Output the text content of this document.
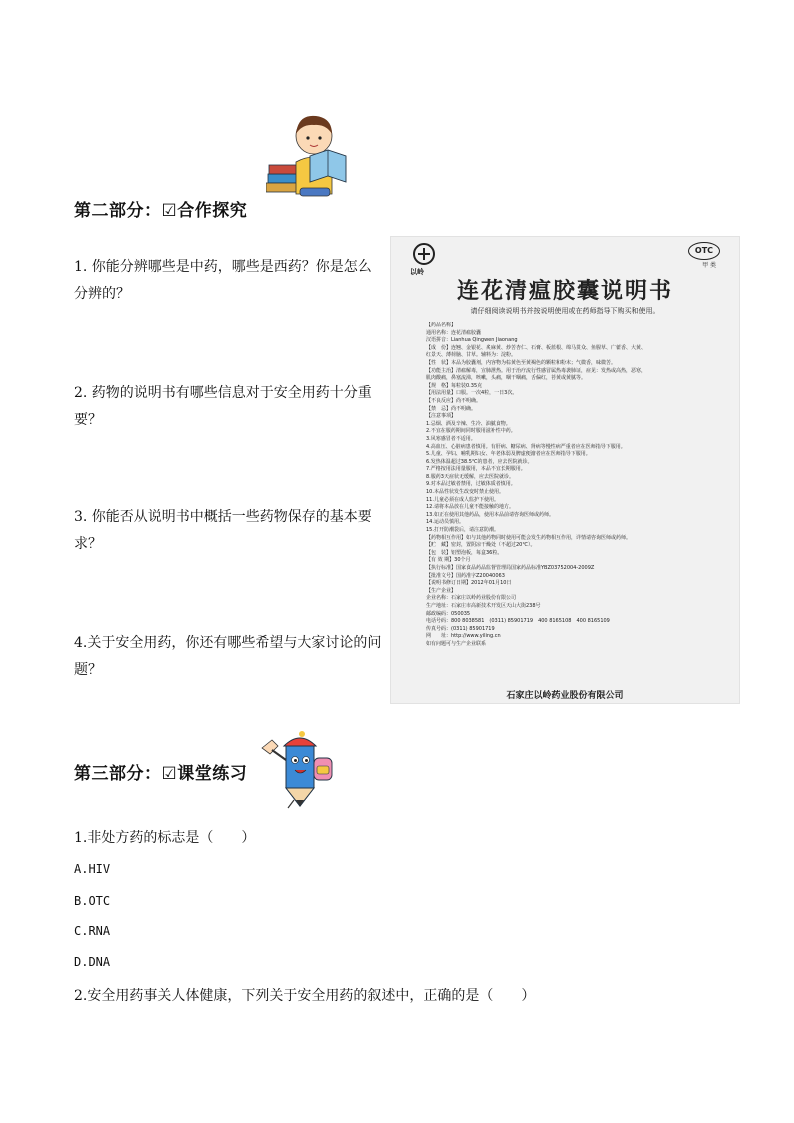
第二部分：☑合作探究
1. 你能分辨哪些是中药，哪些是西药？你是怎么分辨的？
2. 药物的说明书有哪些信息对于安全用药十分重要？
3. 你能否从说明书中概括一些药物保存的基本要求？
4.关于安全用药，你还有哪些希望与大家讨论的问题？
以岭
OTC
甲 类
连花清瘟胶囊说明书
请仔细阅读说明书并按说明使用或在药师指导下购买和使用。
【药品名称】
通用名称：连花清瘟胶囊
汉语拼音：Lianhua Qingwen Jiaonang
【成　份】连翘、金银花、炙麻黄、炒苦杏仁、石膏、板蓝根、绵马贯众、鱼腥草、广藿香、大黄、
红景天、薄荷脑、甘草。辅料为：淀粉。
【性　状】本品为胶囊剂，内容物为棕黄色至黄褐色的颗粒和粉末；气微香，味微苦。
【功能主治】清瘟解毒，宣肺泄热。用于治疗流行性感冒属热毒袭肺证，症见：发热或高热，恶寒，
肌肉酸痛，鼻塞流涕，咳嗽，头痛，咽干咽痛，舌偏红，苔黄或黄腻等。
【规　格】每粒装0.35克
【用法用量】口服。一次4粒，一日3次。
【不良反应】尚不明确。
【禁　忌】尚不明确。
【注意事项】
1.忌烟、酒及辛辣、生冷、油腻食物。
2.不宜在服药期间同时服用滋补性中药。
3.风寒感冒者不适用。
4.高血压、心脏病患者慎用。有肝病、糖尿病、肾病等慢性病严重者应在医师指导下服用。
5.儿童、孕妇、哺乳期妇女、年老体弱及脾虚便溏者应在医师指导下服用。
6.发热体温超过38.5℃的患者，应去医院就诊。
7.严格按用法用量服用，本品不宜长期服用。
8.服药3天症状无缓解，应去医院就诊。
9.对本品过敏者禁用，过敏体质者慎用。
10.本品性状发生改变时禁止使用。
11.儿童必须在成人监护下使用。
12.请将本品放在儿童不能接触的地方。
13.如正在使用其他药品，使用本品前请咨询医师或药师。
14.运动员慎用。
15.打开防潮袋后，请注意防潮。
【药物相互作用】如与其他药物同时使用可能会发生药物相互作用，详情请咨询医师或药师。
【贮　藏】密封，置阴凉干燥处（不超过20℃）。
【包　装】铝塑泡板，每盒36粒。
【有 效 期】30个月
【执行标准】国家食品药品监督管理局国家药品标准YBZ03752004-2009Z
【批准文号】国药准字Z20040063
【说明书修订日期】2012年01月10日
【生产企业】
企业名称：石家庄以岭药业股份有限公司
生产地址：石家庄市高新技术开发区天山大街238号
邮政编码：050035
电话号码：800 8038581　(0311) 85901719　400 8165108　400 8165109
传真号码：(0311) 85901719
网　　址：http://www.yiling.cn
如有问题可与生产企业联系
石家庄以岭药业股份有限公司
第三部分：☑课堂练习
1.非处方药的标志是（　　）
A.HIV
B.OTC
C.RNA
D.DNA
2.安全用药事关人体健康，下列关于安全用药的叙述中，正确的是（　　）
